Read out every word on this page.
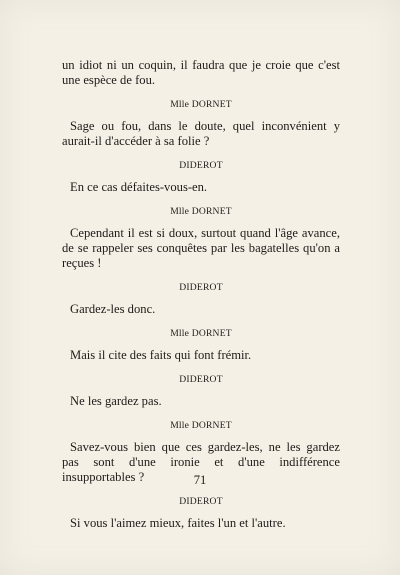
un idiot ni un coquin, il faudra que je croie que c'est une espèce de fou.

Mlle DORNET

Sage ou fou, dans le doute, quel inconvénient y aurait-il d'accéder à sa folie ?

DIDEROT

En ce cas défaites-vous-en.

Mlle DORNET

Cependant il est si doux, surtout quand l'âge avance, de se rappeler ses conquêtes par les bagatelles qu'on a reçues !

DIDEROT

Gardez-les donc.

Mlle DORNET

Mais il cite des faits qui font frémir.

DIDEROT

Ne les gardez pas.

Mlle DORNET

Savez-vous bien que ces gardez-les, ne les gardez pas sont d'une ironie et d'une indifférence insupportables ?

DIDEROT

Si vous l'aimez mieux, faites l'un et l'autre.

71
